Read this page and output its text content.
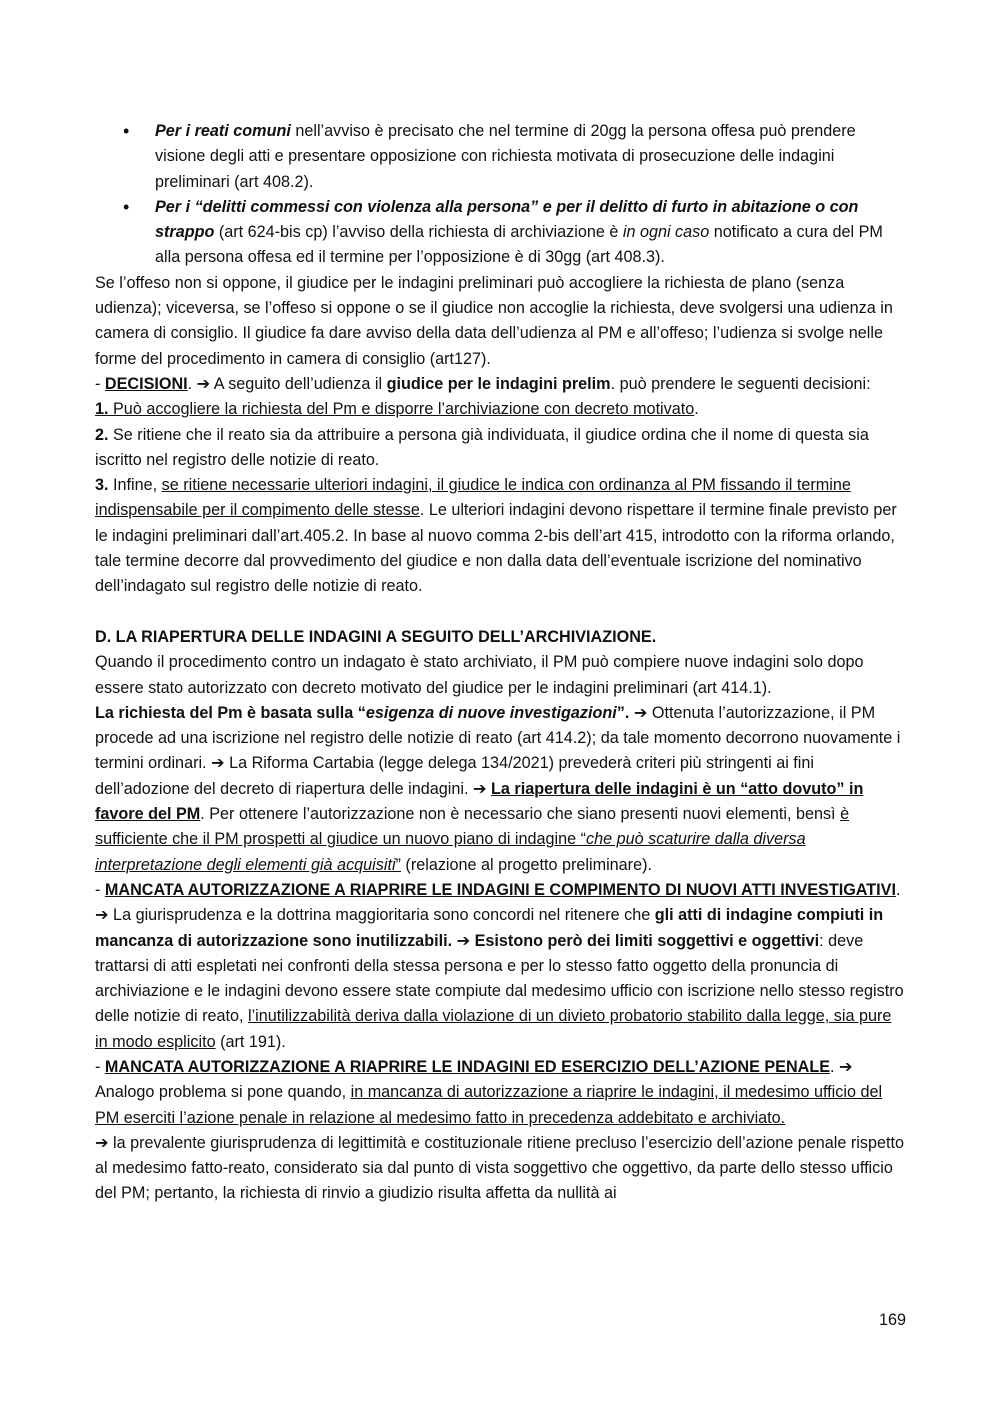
• Per i reati comuni nell’avviso è precisato che nel termine di 20gg la persona offesa può prendere visione degli atti e presentare opposizione con richiesta motivata di prosecuzione delle indagini preliminari (art 408.2).
• Per i “delitti commessi con violenza alla persona” e per il delitto di furto in abitazione o con strappo (art 624-bis cp) l’avviso della richiesta di archiviazione è in ogni caso notificato a cura del PM alla persona offesa ed il termine per l’opposizione è di 30gg (art 408.3).

Se l’offeso non si oppone, il giudice per le indagini preliminari può accogliere la richiesta de plano (senza udienza); viceversa, se l’offeso si oppone o se il giudice non accoglie la richiesta, deve svolgersi una udienza in camera di consiglio. Il giudice fa dare avviso della data dell’udienza al PM e all’offeso; l’udienza si svolge nelle forme del procedimento in camera di consiglio (art127).

- DECISIONI. ➔ A seguito dell’udienza il giudice per le indagini prelim. può prendere le seguenti decisioni:

1. Può accogliere la richiesta del Pm e disporre l’archiviazione con decreto motivato.

2. Se ritiene che il reato sia da attribuire a persona già individuata, il giudice ordina che il nome di questa sia iscritto nel registro delle notizie di reato.

3. Infine, se ritiene necessarie ulteriori indagini, il giudice le indica con ordinanza al PM fissando il termine indispensabile per il compimento delle stesse. Le ulteriori indagini devono rispettare il termine finale previsto per le indagini preliminari dall’art.405.2. In base al nuovo comma 2-bis dell’art 415, introdotto con la riforma orlando, tale termine decorre dal provvedimento del giudice e non dalla data dell’eventuale iscrizione del nominativo dell’indagato sul registro delle notizie di reato.

D. LA RIAPERTURA DELLE INDAGINI A SEGUITO DELL’ARCHIVIAZIONE.

Quando il procedimento contro un indagato è stato archiviato, il PM può compiere nuove indagini solo dopo essere stato autorizzato con decreto motivato del giudice per le indagini preliminari (art 414.1).

La richiesta del Pm è basata sulla “esigenza di nuove investigazioni”. ➔ Ottenuta l’autorizzazione, il PM procede ad una iscrizione nel registro delle notizie di reato (art 414.2); da tale momento decorrono nuovamente i termini ordinari. ➔ La Riforma Cartabia (legge delega 134/2021) prevederà criteri più stringenti ai fini dell’adozione del decreto di riapertura delle indagini. ➔ La riapertura delle indagini è un “atto dovuto” in favore del PM. Per ottenere l’autorizzazione non è necessario che siano presenti nuovi elementi, bensì è sufficiente che il PM prospetti al giudice un nuovo piano di indagine “che può scaturire dalla diversa interpretazione degli elementi già acquisiti” (relazione al progetto preliminare).

- MANCATA AUTORIZZAZIONE A RIAPRIRE LE INDAGINI E COMPIMENTO DI NUOVI ATTI INVESTIGATIVI. ➔ La giurisprudenza e la dottrina maggioritaria sono concordi nel ritenere che gli atti di indagine compiuti in mancanza di autorizzazione sono inutilizzabili. ➔ Esistono però dei limiti soggettivi e oggettivi: deve trattarsi di atti espletati nei confronti della stessa persona e per lo stesso fatto oggetto della pronuncia di archiviazione e le indagini devono essere state compiute dal medesimo ufficio con iscrizione nello stesso registro delle notizie di reato, l’inutilizzabilità deriva dalla violazione di un divieto probatorio stabilito dalla legge, sia pure in modo esplicito (art 191).

- MANCATA AUTORIZZAZIONE A RIAPRIRE LE INDAGINI ED ESERCIZIO DELL’AZIONE PENALE. ➔ Analogo problema si pone quando, in mancanza di autorizzazione a riaprire le indagini, il medesimo ufficio del PM eserciti l’azione penale in relazione al medesimo fatto in precedenza addebitato e archiviato.

➔ la prevalente giurisprudenza di legittimità e costituzionale ritiene precluso l’esercizio dell’azione penale rispetto al medesimo fatto-reato, considerato sia dal punto di vista soggettivo che oggettivo, da parte dello stesso ufficio del PM; pertanto, la richiesta di rinvio a giudizio risulta affetta da nullità ai

169
